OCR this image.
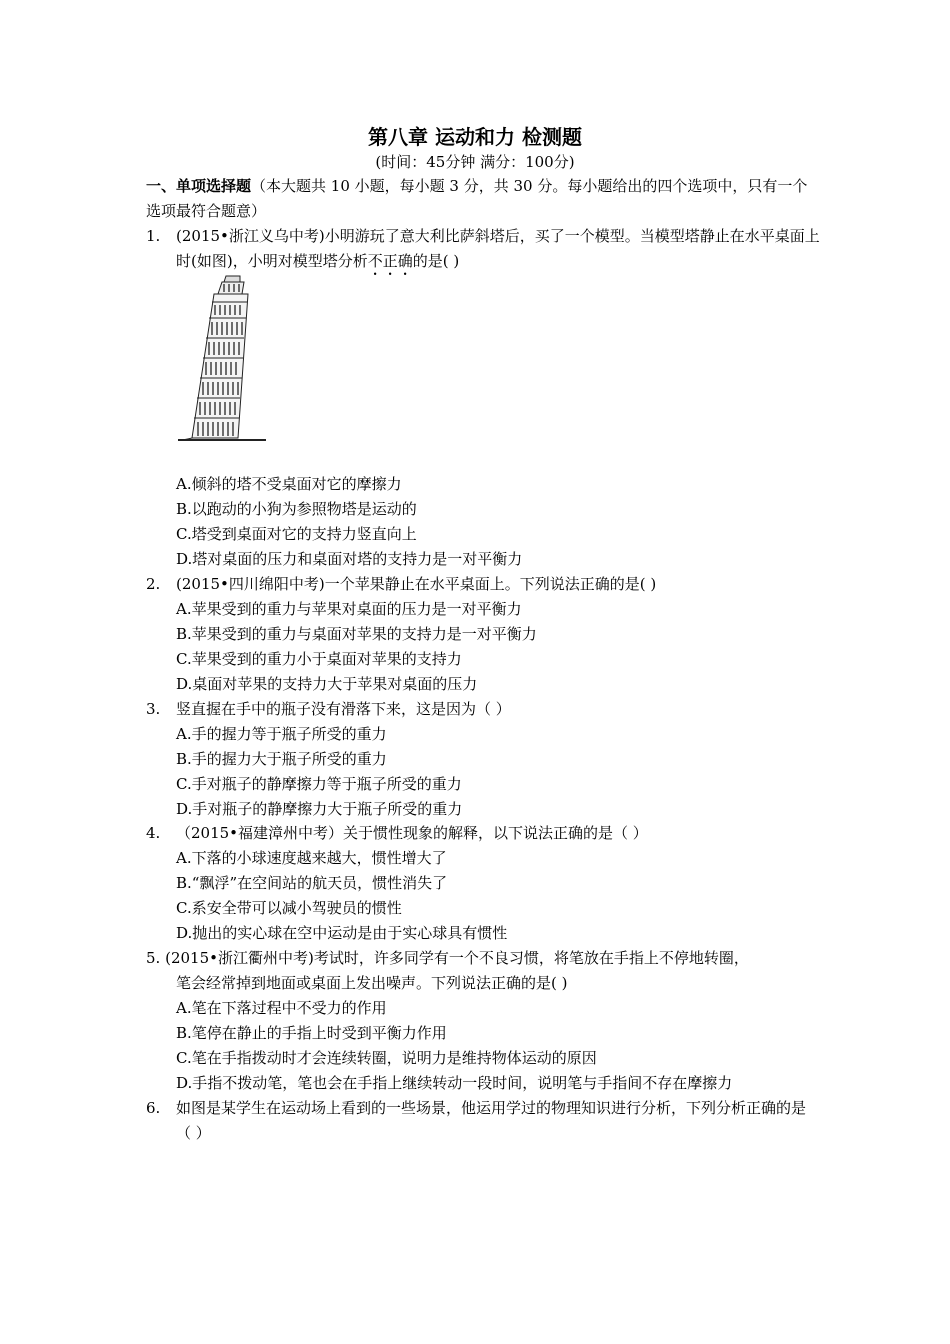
第八章 运动和力 检测题
(时间：45分钟 满分：100分)
一、单项选择题（本大题共 10 小题，每小题 3 分，共 30 分。每小题给出的四个选项中，只有一个选项最符合题意）
1. (2015•浙江义乌中考)小明游玩了意大利比萨斜塔后，买了一个模型。当模型塔静止在水平桌面上时(如图)，小明对模型塔分析不正确的是( )
A.倾斜的塔不受桌面对它的摩擦力
B.以跑动的小狗为参照物塔是运动的
C.塔受到桌面对它的支持力竖直向上
D.塔对桌面的压力和桌面对塔的支持力是一对平衡力
2. (2015•四川绵阳中考)一个苹果静止在水平桌面上。下列说法正确的是( )
A.苹果受到的重力与苹果对桌面的压力是一对平衡力
B.苹果受到的重力与桌面对苹果的支持力是一对平衡力
C.苹果受到的重力小于桌面对苹果的支持力
D.桌面对苹果的支持力大于苹果对桌面的压力
3. 竖直握在手中的瓶子没有滑落下来，这是因为（ ）
A.手的握力等于瓶子所受的重力
B.手的握力大于瓶子所受的重力
C.手对瓶子的静摩擦力等于瓶子所受的重力
D.手对瓶子的静摩擦力大于瓶子所受的重力
4. （2015•福建漳州中考）关于惯性现象的解释，以下说法正确的是（ ）
A.下落的小球速度越来越大，惯性增大了
B.“飘浮”在空间站的航天员，惯性消失了
C.系安全带可以减小驾驶员的惯性
D.抛出的实心球在空中运动是由于实心球具有惯性
5. (2015•浙江衢州中考)考试时，许多同学有一个不良习惯，将笔放在手指上不停地转圈，
笔会经常掉到地面或桌面上发出噪声。下列说法正确的是( )
A.笔在下落过程中不受力的作用
B.笔停在静止的手指上时受到平衡力作用
C.笔在手指拨动时才会连续转圈，说明力是维持物体运动的原因
D.手指不拨动笔，笔也会在手指上继续转动一段时间，说明笔与手指间不存在摩擦力
6. 如图是某学生在运动场上看到的一些场景，他运用学过的物理知识进行分析，下列分析正确的是（ ）
